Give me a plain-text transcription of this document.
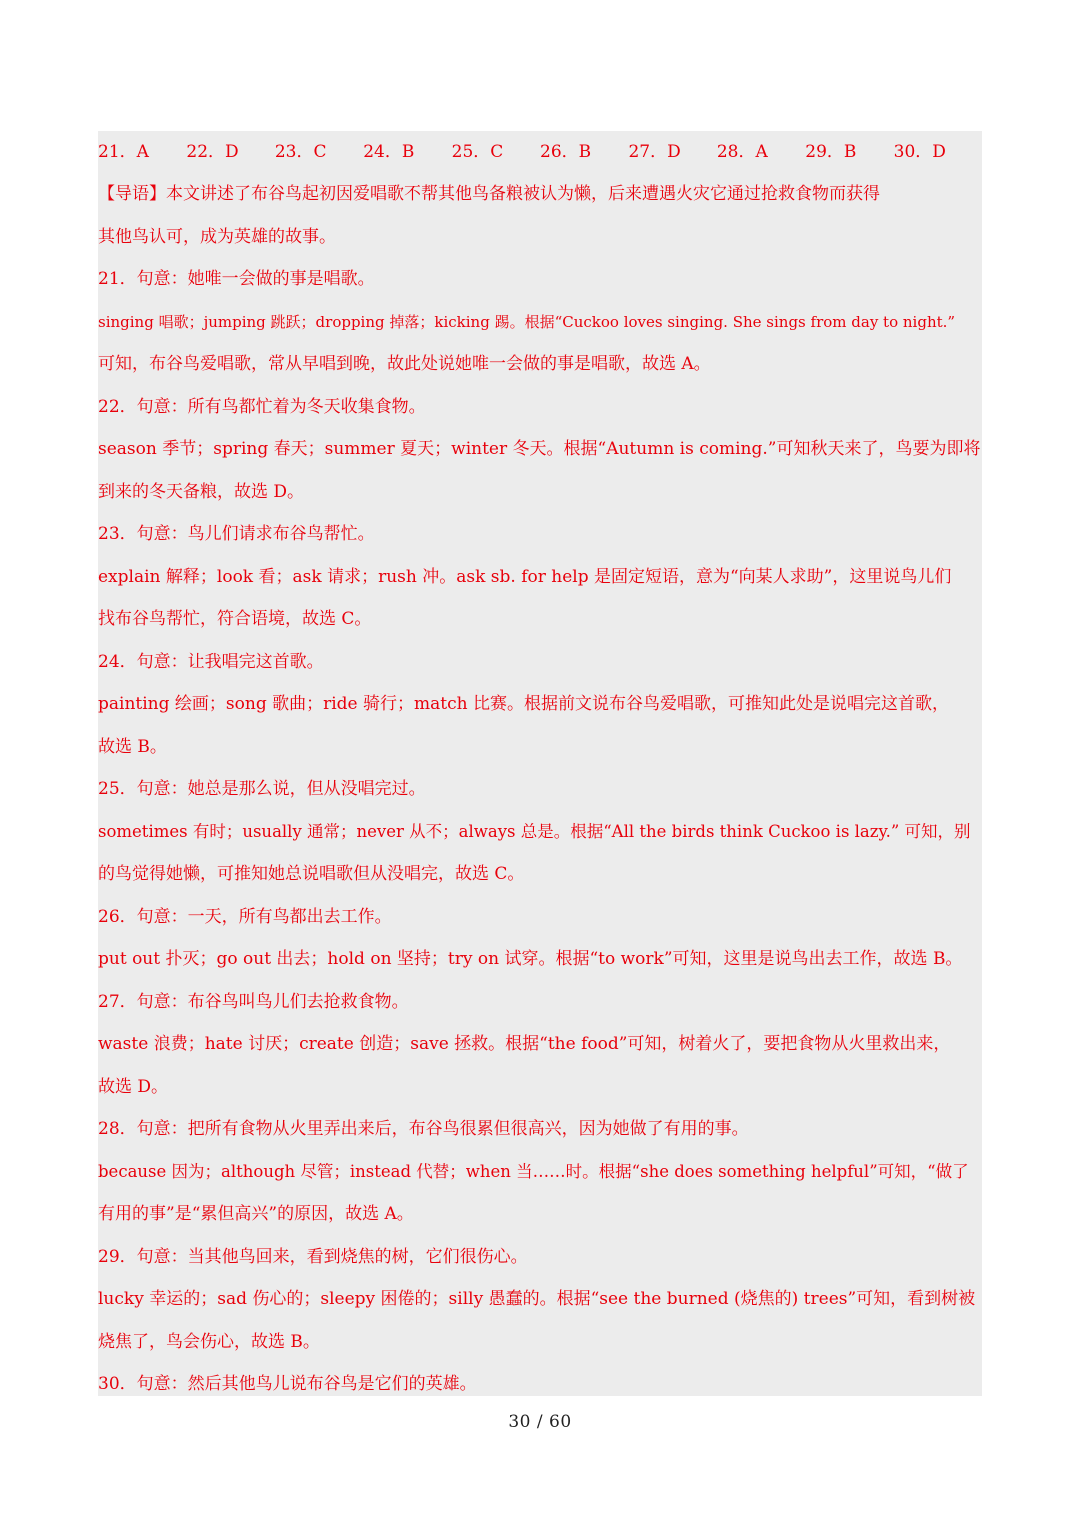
21．A	22．D	23．C	24．B	25．C	26．B	27．D	28．A	29．B	30．D
【导语】本文讲述了布谷鸟起初因爱唱歌不帮其他鸟备粮被认为懒，后来遭遇火灾它通过抢救食物而获得
其他鸟认可，成为英雄的故事。
21．句意：她唯一会做的事是唱歌。
singing 唱歌；jumping 跳跃；dropping 掉落；kicking 踢。根据“Cuckoo loves singing. She sings from day to night.”
可知，布谷鸟爱唱歌，常从早唱到晚，故此处说她唯一会做的事是唱歌，故选 A。
22．句意：所有鸟都忙着为冬天收集食物。
season 季节；spring 春天；summer 夏天；winter 冬天。根据“Autumn is coming.”可知秋天来了，鸟要为即将
到来的冬天备粮，故选 D。
23．句意：鸟儿们请求布谷鸟帮忙。
explain 解释；look 看；ask 请求；rush 冲。ask sb. for help 是固定短语，意为“向某人求助”，这里说鸟儿们
找布谷鸟帮忙，符合语境，故选 C。
24．句意：让我唱完这首歌。
painting 绘画；song 歌曲；ride 骑行；match 比赛。根据前文说布谷鸟爱唱歌，可推知此处是说唱完这首歌，
故选 B。
25．句意：她总是那么说，但从没唱完过。
sometimes 有时；usually 通常；never 从不；always 总是。根据“All the birds think Cuckoo is lazy.” 可知，别
的鸟觉得她懒，可推知她总说唱歌但从没唱完，故选 C。
26．句意：一天，所有鸟都出去工作。
put out 扑灭；go out 出去；hold on 坚持；try on 试穿。根据“to work”可知，这里是说鸟出去工作，故选 B。
27．句意：布谷鸟叫鸟儿们去抢救食物。
waste 浪费；hate 讨厌；create 创造；save 拯救。根据“the food”可知，树着火了，要把食物从火里救出来，
故选 D。
28．句意：把所有食物从火里弄出来后，布谷鸟很累但很高兴，因为她做了有用的事。
because 因为；although 尽管；instead 代替；when 当……时。根据“she does something helpful”可知，“做了
有用的事”是“累但高兴”的原因，故选 A。
29．句意：当其他鸟回来，看到烧焦的树，它们很伤心。
lucky 幸运的；sad 伤心的；sleepy 困倦的；silly 愚蠢的。根据“see the burned (烧焦的) trees”可知，看到树被
烧焦了，鸟会伤心，故选 B。
30．句意：然后其他鸟儿说布谷鸟是它们的英雄。
30 / 60
